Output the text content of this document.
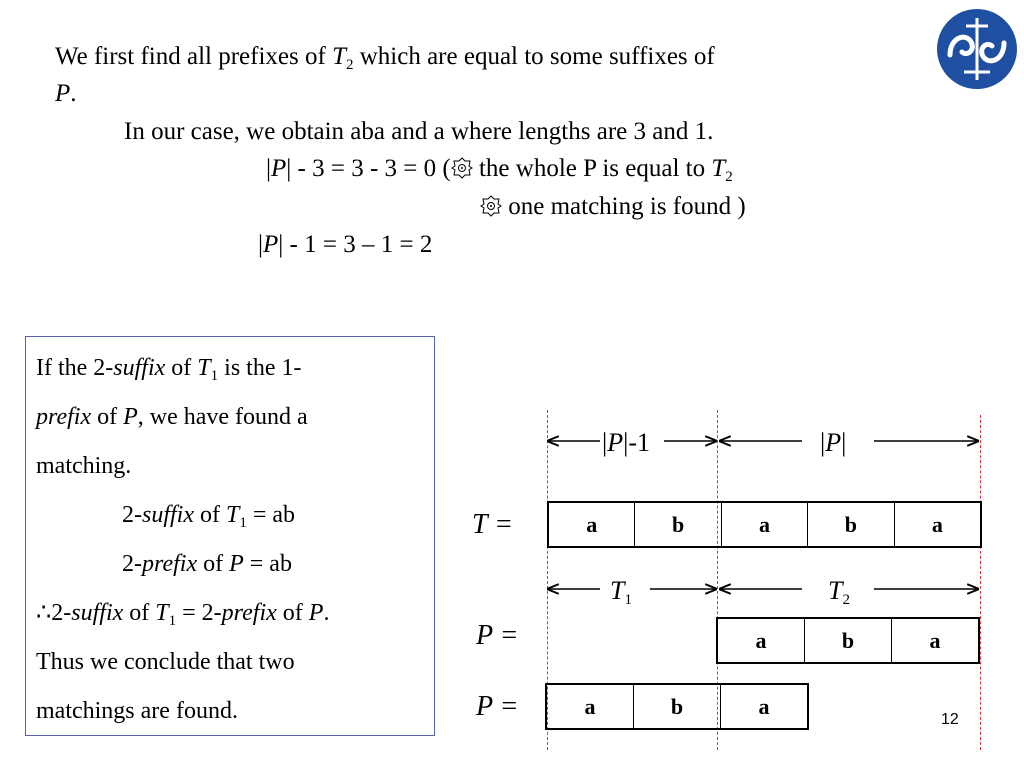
We first find all prefixes of $T_2$ which are equal to some suffixes of
P.
In our case, we obtain aba and a where lengths are 3 and 1.
|P| - 3 = 3 - 3 = 0 ( the whole P is equal to $T_2$
one matching is found )
|P| - 1 = 3 – 1 = 2
If the 2-suffix of $T_1$ is the 1-
prefix of P, we have found a
matching.
2-suffix of $T_1$ = ab
2-prefix of P = ab
∴2-suffix of $T_1$ = 2-prefix of P.
Thus we conclude that two
matchings are found.
|P|-1	|P|
$T_1$	$T_2$
T =
P =
P =
a	b	a	b	a
a	b	a
a	b	a
12
